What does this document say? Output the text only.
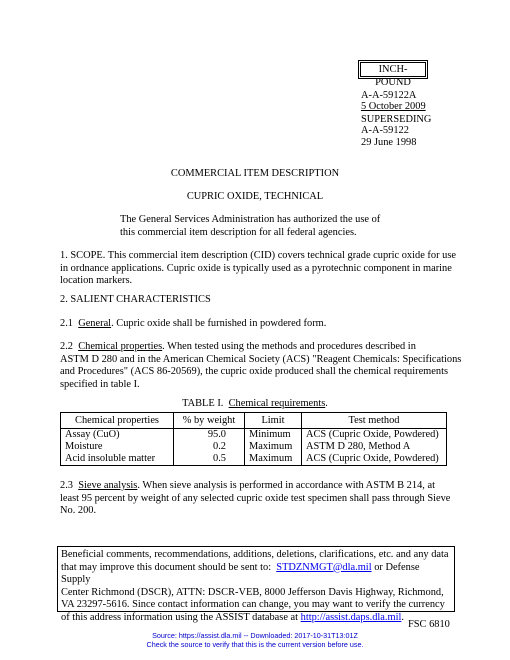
INCH-POUND
A-A-59122A
5 October 2009
SUPERSEDING
A-A-59122
29 June 1998
COMMERCIAL ITEM DESCRIPTION
CUPRIC OXIDE, TECHNICAL
The General Services Administration has authorized the use of
this commercial item description for all federal agencies.
1. SCOPE. This commercial item description (CID) covers technical grade cupric oxide for use
in ordnance applications. Cupric oxide is typically used as a pyrotechnic component in marine
location markers.
2. SALIENT CHARACTERISTICS
2.1  General. Cupric oxide shall be furnished in powdered form.
2.2  Chemical properties. When tested using the methods and procedures described in
ASTM D 280 and in the American Chemical Society (ACS) "Reagent Chemicals: Specifications
and Procedures" (ACS 86-20569), the cupric oxide produced shall the chemical requirements
specified in table I.
TABLE I.  Chemical requirements.
Chemical properties	% by weight	Limit	Test method
Assay (CuO)	95.0	Minimum	ACS (Cupric Oxide, Powdered)
Moisture	0.2	Maximum	ASTM D 280, Method A
Acid insoluble matter	0.5	Maximum	ACS (Cupric Oxide, Powdered)
2.3  Sieve analysis. When sieve analysis is performed in accordance with ASTM B 214, at
least 95 percent by weight of any selected cupric oxide test specimen shall pass through Sieve
No. 200.
Beneficial comments, recommendations, additions, deletions, clarifications, etc. and any data
that may improve this document should be sent to:  STDZNMGT@dla.mil or Defense Supply
Center Richmond (DSCR), ATTN: DSCR-VEB, 8000 Jefferson Davis Highway, Richmond,
VA 23297-5616. Since contact information can change, you may want to verify the currency
of this address information using the ASSIST database at http://assist.daps.dla.mil.
FSC 6810
Source: https://assist.dla.mil -- Downloaded: 2017-10-31T13:01Z
Check the source to verify that this is the current version before use.
